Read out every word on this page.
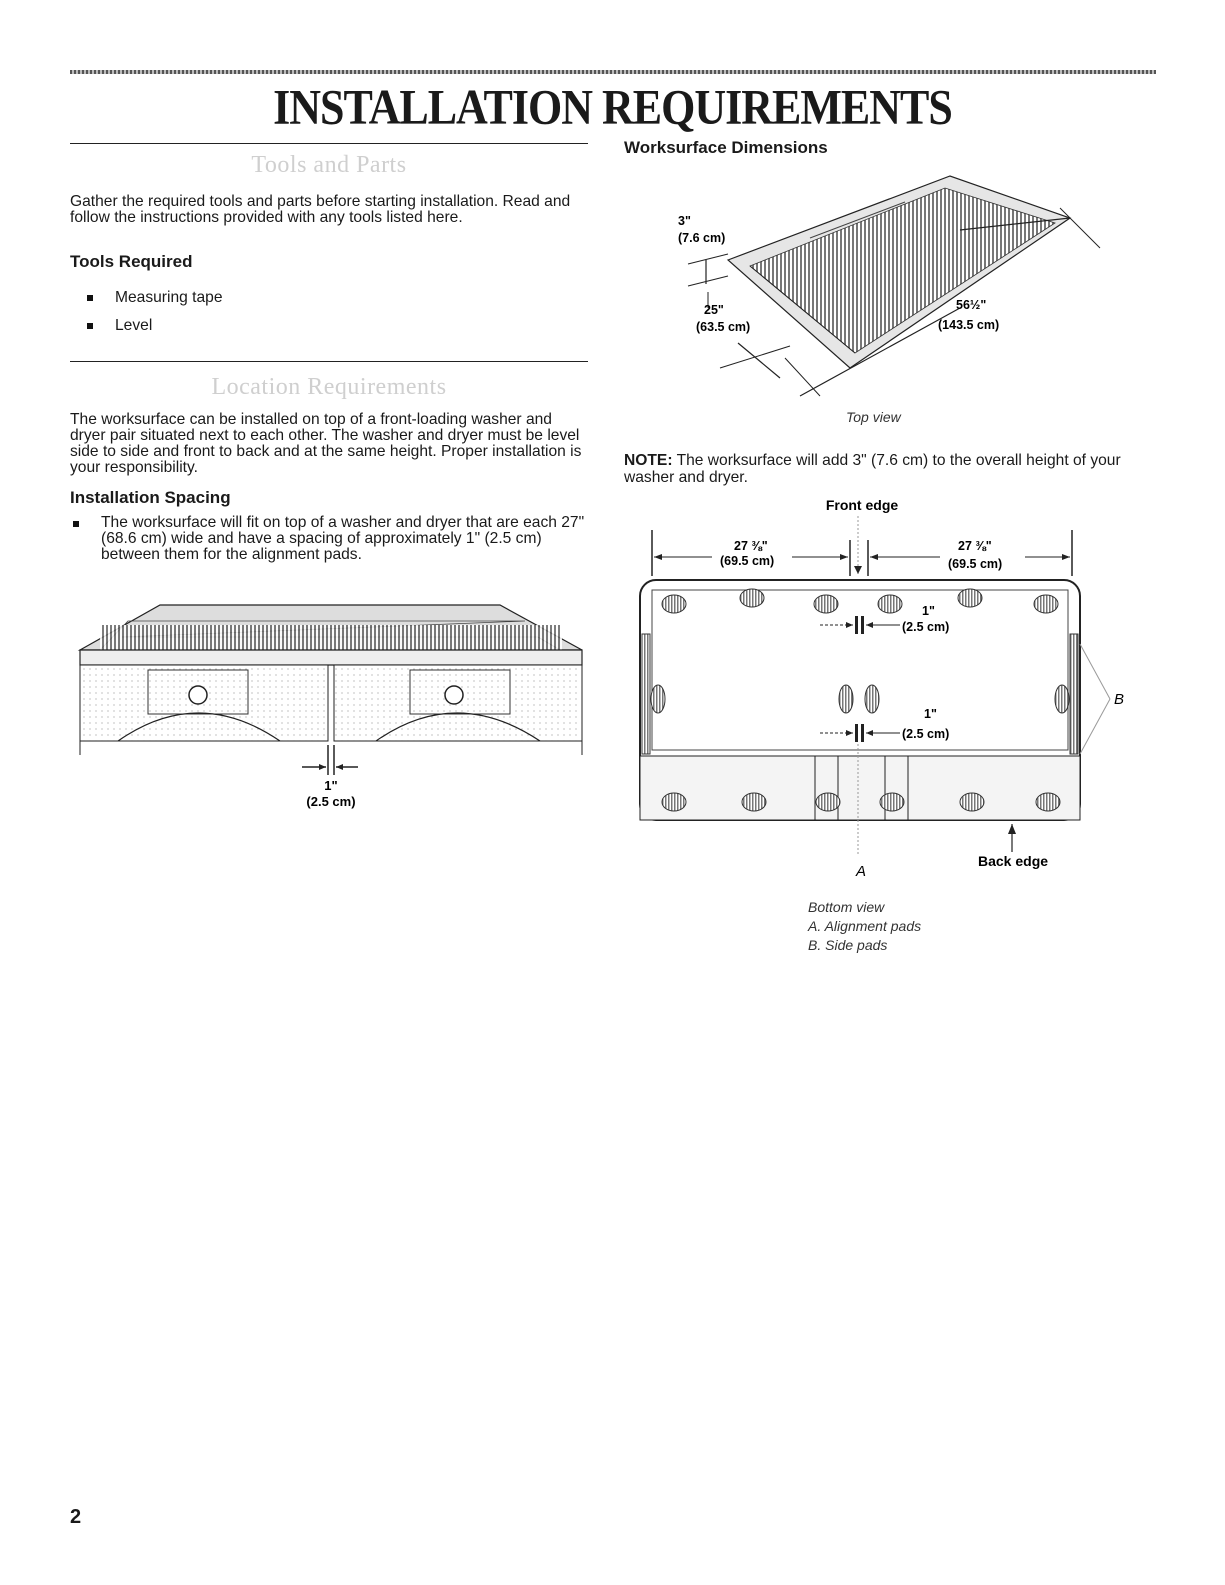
INSTALLATION REQUIREMENTS
Tools and Parts

Gather the required tools and parts before starting installation. Read and follow the instructions provided with any tools listed here.

Tools Required

Measuring tape
Level
Location Requirements

The worksurface can be installed on top of a front-loading washer and dryer pair situated next to each other. The washer and dryer must be level side to side and front to back and at the same height. Proper installation is your responsibility.

Installation Spacing

The worksurface will fit on top of a washer and dryer that are each 27" (68.6 cm) wide and have a spacing of approximately 1" (2.5 cm) between them for the alignment pads.

1"
(2.5 cm)

Worksurface Dimensions

3"
(7.6 cm)
25"
(63.5 cm)
56½"
(143.5 cm)

Top view

NOTE: The worksurface will add 3" (7.6 cm) to the overall height of your washer and dryer.

Front edge
27 ⅜"
(69.5 cm)
27 ⅜"
(69.5 cm)
1"
(2.5 cm)
1"
(2.5 cm)
A
B
Back edge

Bottom view

A. Alignment pads

B. Side pads

2
